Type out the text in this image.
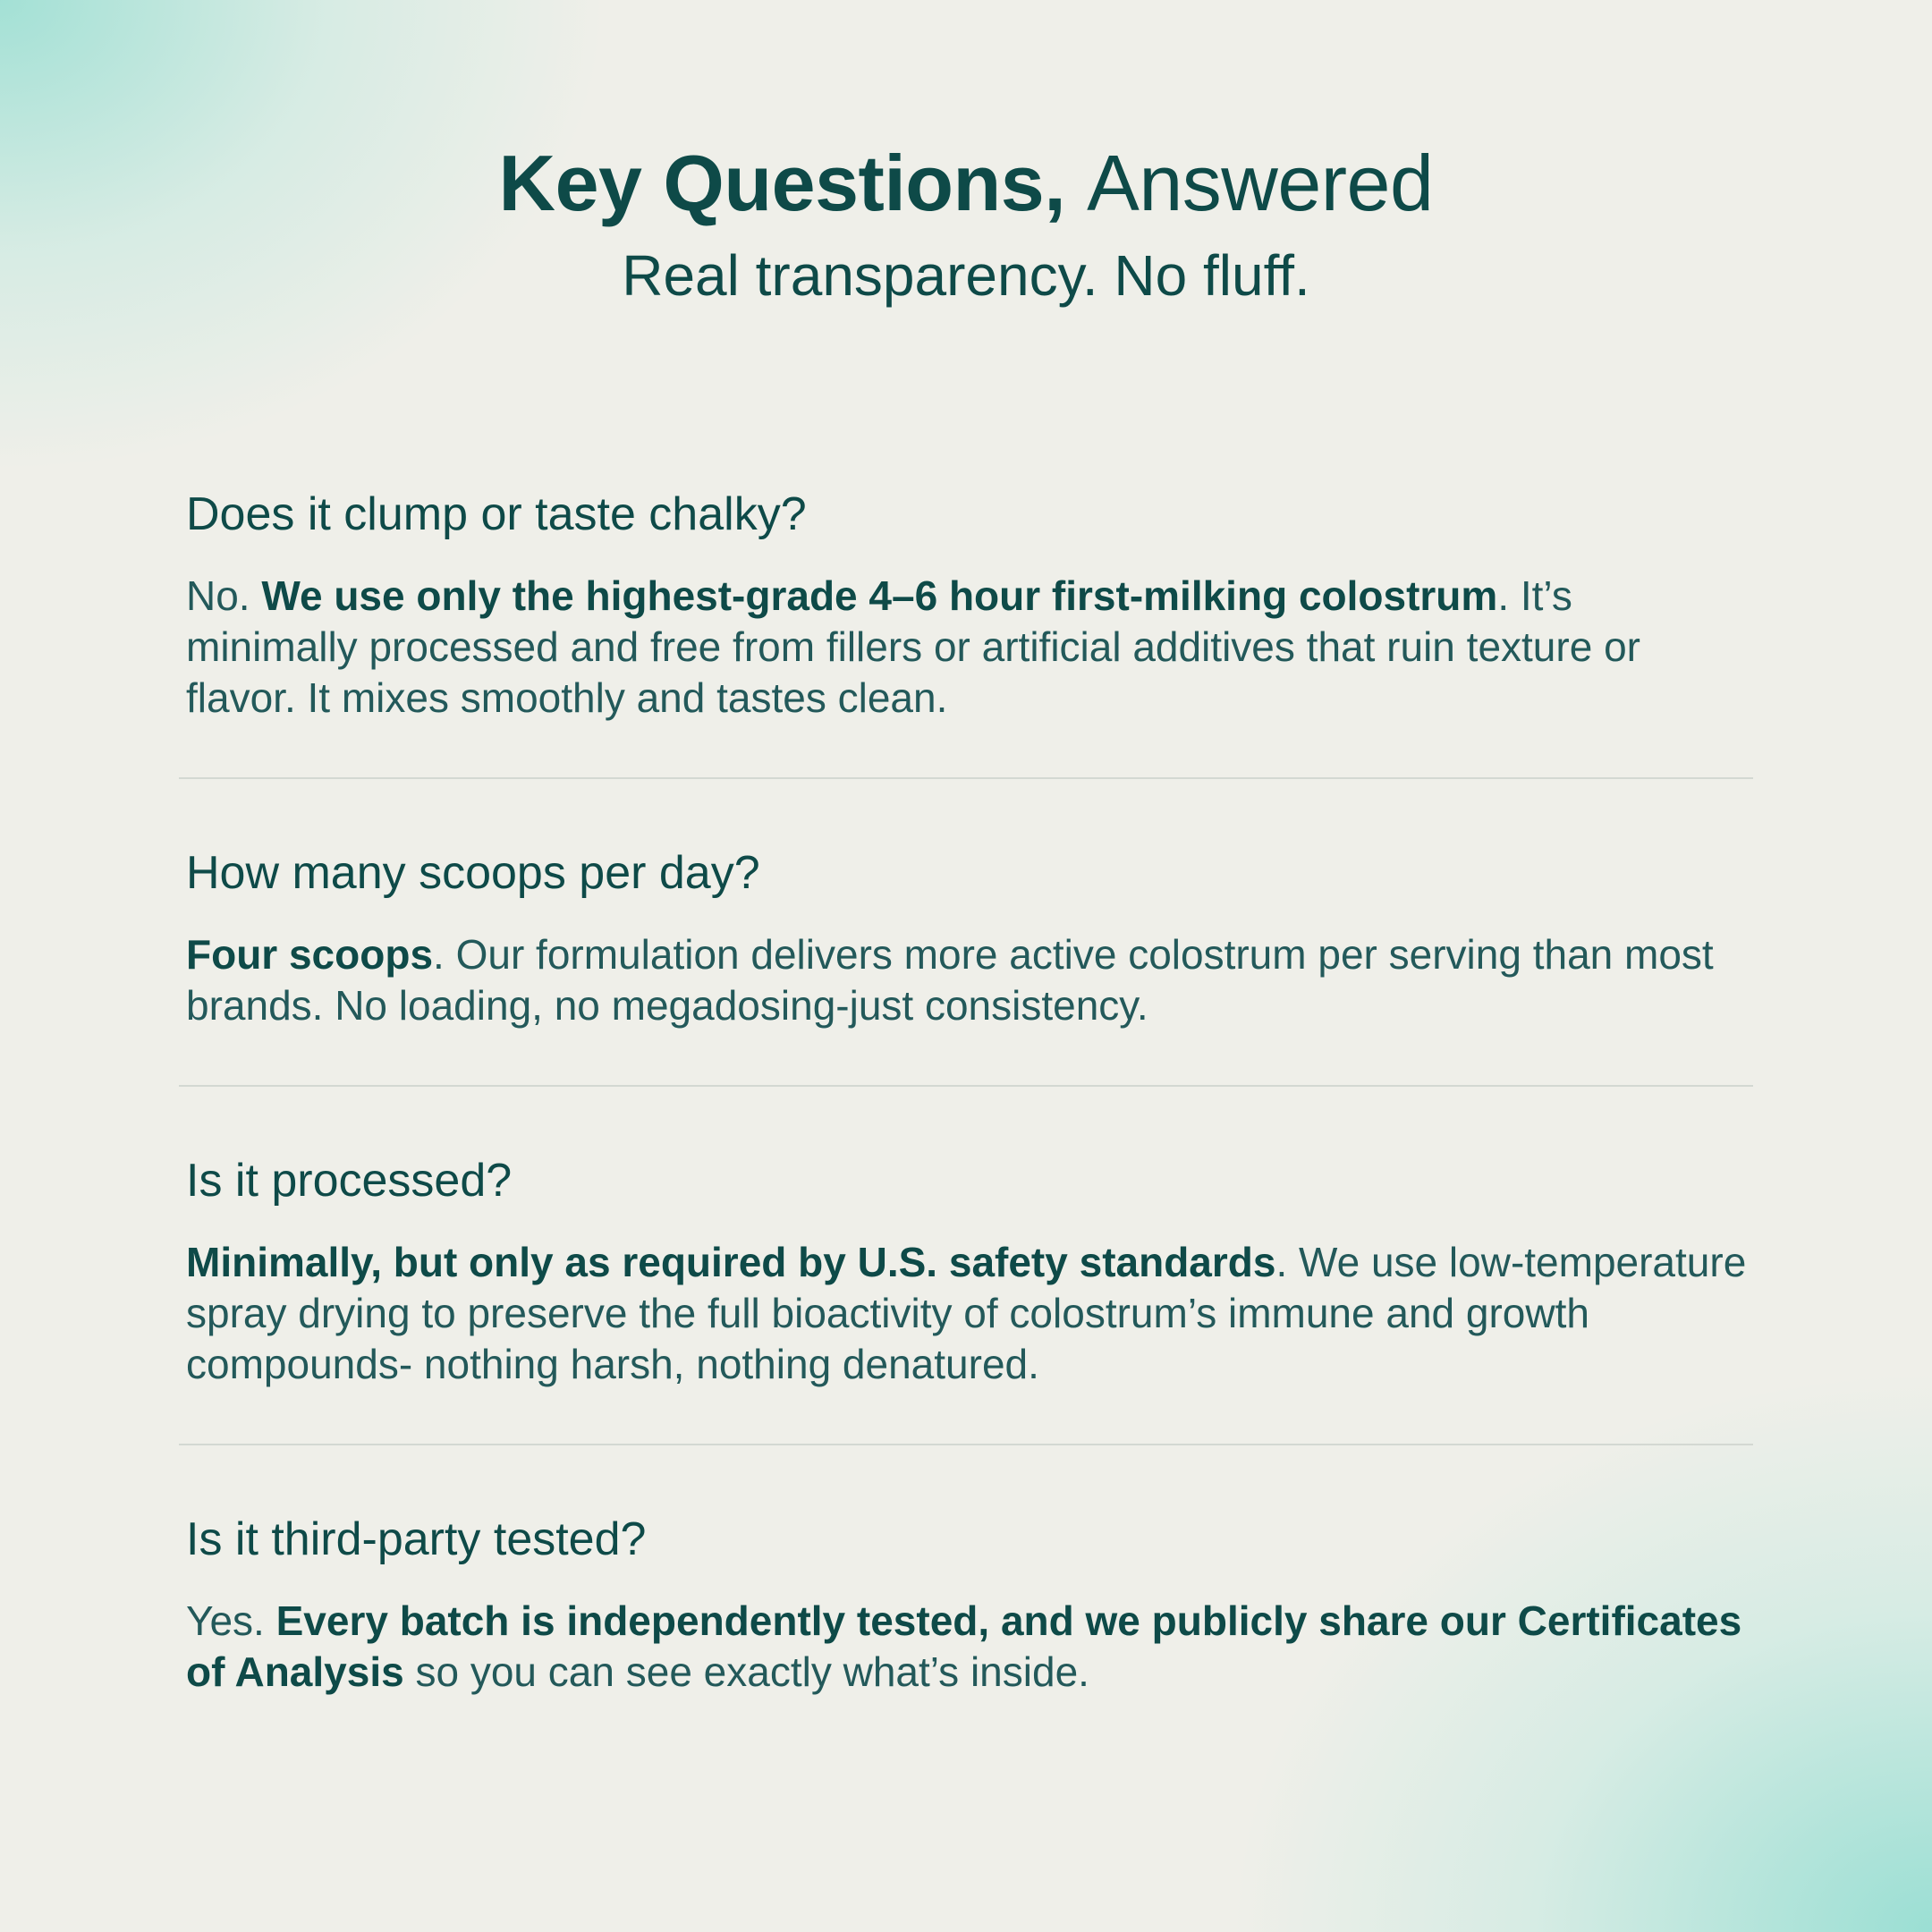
Key Questions, Answered

Real transparency. No fluff.

Does it clump or taste chalky?

No. We use only the highest-grade 4–6 hour first-milking colostrum. It’s minimally processed and free from fillers or artificial additives that ruin texture or flavor. It mixes smoothly and tastes clean.

How many scoops per day?

Four scoops. Our formulation delivers more active colostrum per serving than most brands. No loading, no megadosing-just consistency.

Is it processed?

Minimally, but only as required by U.S. safety standards. We use low-temperature spray drying to preserve the full bioactivity of colostrum’s immune and growth compounds- nothing harsh, nothing denatured.

Is it third-party tested?

Yes. Every batch is independently tested, and we publicly share our Certificates of Analysis so you can see exactly what’s inside.
